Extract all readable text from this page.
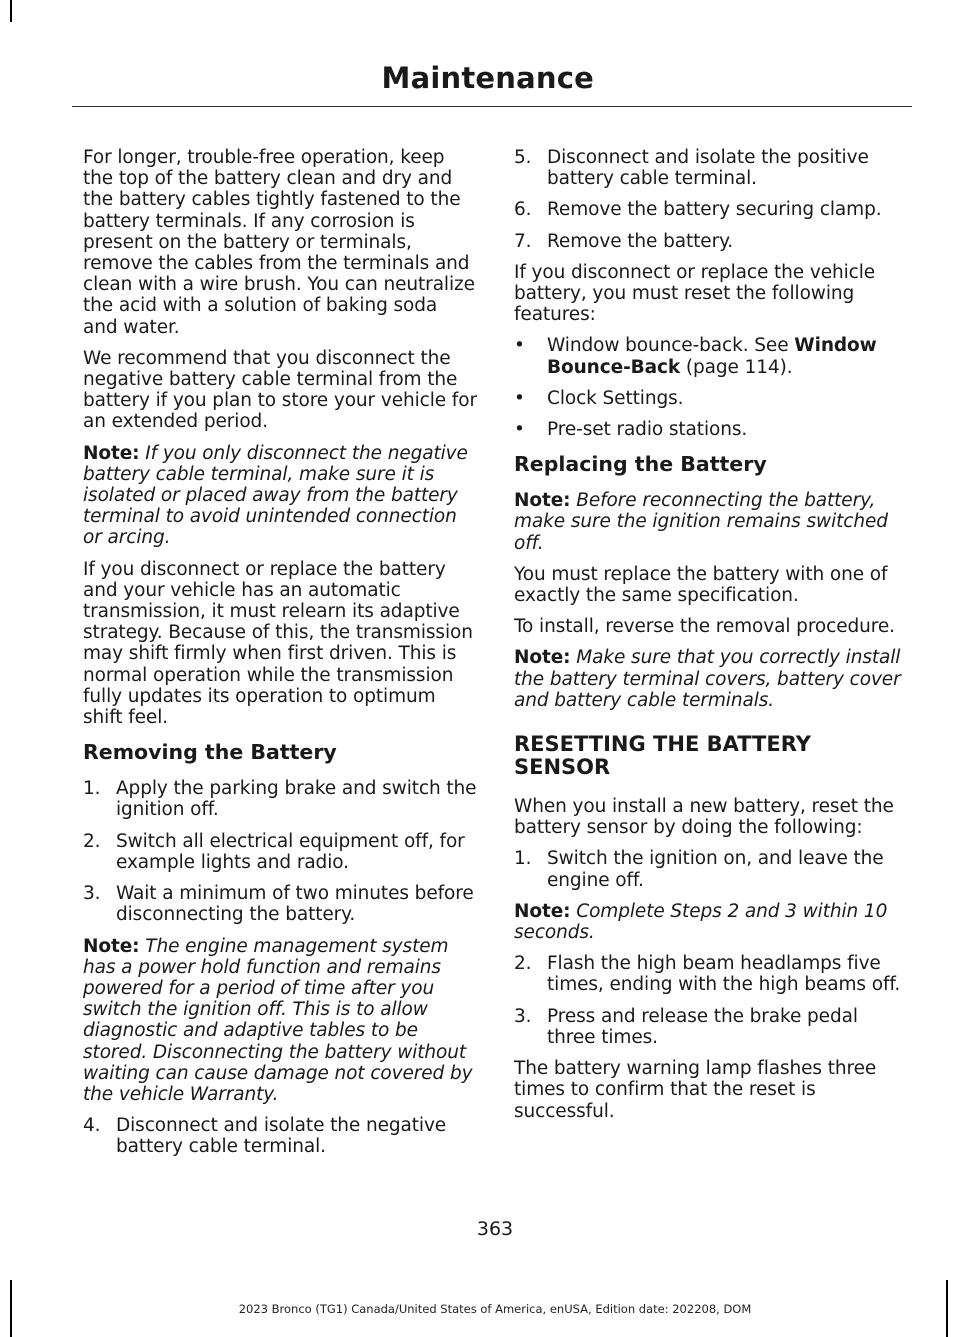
Maintenance

For longer, trouble-free operation, keep the top of the battery clean and dry and the battery cables tightly fastened to the battery terminals. If any corrosion is present on the battery or terminals, remove the cables from the terminals and clean with a wire brush. You can neutralize the acid with a solution of baking soda and water.

We recommend that you disconnect the negative battery cable terminal from the battery if you plan to store your vehicle for an extended period.

Note: If you only disconnect the negative battery cable terminal, make sure it is isolated or placed away from the battery terminal to avoid unintended connection or arcing.

If you disconnect or replace the battery and your vehicle has an automatic transmission, it must relearn its adaptive strategy. Because of this, the transmission may shift firmly when first driven. This is normal operation while the transmission fully updates its operation to optimum shift feel.

Removing the Battery
1. Apply the parking brake and switch the ignition off.
2. Switch all electrical equipment off, for example lights and radio.
3. Wait a minimum of two minutes before disconnecting the battery.

Note: The engine management system has a power hold function and remains powered for a period of time after you switch the ignition off. This is to allow diagnostic and adaptive tables to be stored. Disconnecting the battery without waiting can cause damage not covered by the vehicle Warranty.

4. Disconnect and isolate the negative battery cable terminal.
5. Disconnect and isolate the positive battery cable terminal.
6. Remove the battery securing clamp.
7. Remove the battery.

If you disconnect or replace the vehicle battery, you must reset the following features:

• Window bounce-back. See Window Bounce-Back (page 114).
• Clock Settings.
• Pre-set radio stations.
Replacing the Battery

Note: Before reconnecting the battery, make sure the ignition remains switched off.

You must replace the battery with one of exactly the same specification.

To install, reverse the removal procedure.

Note: Make sure that you correctly install the battery terminal covers, battery cover and battery cable terminals.

RESETTING THE BATTERY SENSOR

When you install a new battery, reset the battery sensor by doing the following:

1. Switch the ignition on, and leave the engine off.

Note: Complete Steps 2 and 3 within 10 seconds.

2. Flash the high beam headlamps five times, ending with the high beams off.
3. Press and release the brake pedal three times.

The battery warning lamp flashes three times to confirm that the reset is successful.

363
2023 Bronco (TG1) Canada/United States of America, enUSA, Edition date: 202208, DOM
